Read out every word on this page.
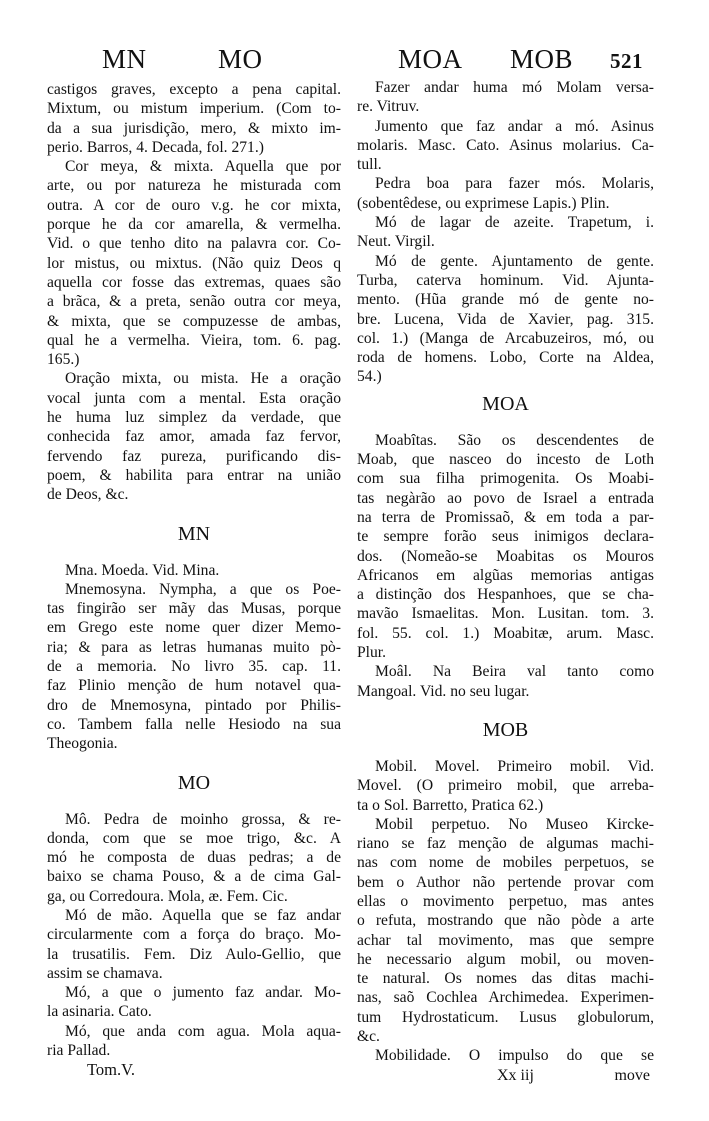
MN	MO	MOA MOB 521
castigos graves, excepto a pena capital.
Mixtum, ou mistum imperium. (Com to-
da a sua jurisdição, mero, & mixto im-
perio. Barros, 4. Decada, fol. 271.)
Cor meya, & mixta. Aquella que por
arte, ou por natureza he misturada com
outra. A cor de ouro v.g. he cor mixta,
porque he da cor amarella, & vermelha.
Vid. o que tenho dito na palavra cor. Co-
lor mistus, ou mixtus. (Não quiz Deos q
aquella cor fosse das extremas, quaes são
a brãca, & a preta, senão outra cor meya,
& mixta, que se compuzesse de ambas,
qual he a vermelha. Vieira, tom. 6. pag.
165.)
Oração mixta, ou mista. He a oração
vocal junta com a mental. Esta oração
he huma luz simplez da verdade, que
conhecida faz amor, amada faz fervor,
fervendo faz pureza, purificando dis-
poem, & habilita para entrar na união
de Deos, &c.
MN
Mna. Moeda. Vid. Mina.
Mnemosyna. Nympha, a que os Poe-
tas fingirão ser mãy das Musas, porque
em Grego este nome quer dizer Memo-
ria; & para as letras humanas muito pò-
de a memoria. No livro 35. cap. 11.
faz Plinio menção de hum notavel qua-
dro de Mnemosyna, pintado por Philis-
co. Tambem falla nelle Hesiodo na sua
Theogonia.
MO
Mô. Pedra de moinho grossa, & re-
donda, com que se moe trigo, &c. A
mó he composta de duas pedras; a de
baixo se chama Pouso, & a de cima Gal-
ga, ou Corredoura. Mola, æ. Fem. Cic.
Mó de mão. Aquella que se faz andar
circularmente com a força do braço. Mo-
la trusatilis. Fem. Diz Aulo-Gellio, que
assim se chamava.
Mó, a que o jumento faz andar. Mo-
la asinaria. Cato.
Mó, que anda com agua. Mola aqua-
ria Pallad.
Tom.V.
Fazer andar huma mó Molam versa-
re. Vitruv.
Jumento que faz andar a mó. Asinus
molaris. Masc. Cato. Asinus molarius. Ca-
tull.
Pedra boa para fazer mós. Molaris,
(sobentêdese, ou exprimese Lapis.) Plin.
Mó de lagar de azeite. Trapetum, i.
Neut. Virgil.
Mó de gente. Ajuntamento de gente.
Turba, caterva hominum. Vid. Ajunta-
mento. (Hũa grande mó de gente no-
bre. Lucena, Vida de Xavier, pag. 315.
col. 1.) (Manga de Arcabuzeiros, mó, ou
roda de homens. Lobo, Corte na Aldea,
54.)
MOA
Moabîtas. São os descendentes de
Moab, que nasceo do incesto de Loth
com sua filha primogenita. Os Moabi-
tas negàrão ao povo de Israel a entrada
na terra de Promissaõ, & em toda a par-
te sempre forão seus inimigos declara-
dos. (Nomeão-se Moabitas os Mouros
Africanos em algũas memorias antigas
a distinção dos Hespanhoes, que se cha-
mavão Ismaelitas. Mon. Lusitan. tom. 3.
fol. 55. col. 1.) Moabitæ, arum. Masc.
Plur.
Moâl. Na Beira val tanto como
Mangoal. Vid. no seu lugar.
MOB
Mobil. Movel. Primeiro mobil. Vid.
Movel. (O primeiro mobil, que arreba-
ta o Sol. Barretto, Pratica 62.)
Mobil perpetuo. No Museo Kircke-
riano se faz menção de algumas machi-
nas com nome de mobiles perpetuos, se
bem o Author não pertende provar com
ellas o movimento perpetuo, mas antes
o refuta, mostrando que não pòde a arte
achar tal movimento, mas que sempre
he necessario algum mobil, ou moven-
te natural. Os nomes das ditas machi-
nas, saõ Cochlea Archimedea. Experimen-
tum Hydrostaticum. Lusus globulorum,
&c.
Mobilidade. O impulso do que se
Xx iij	move
